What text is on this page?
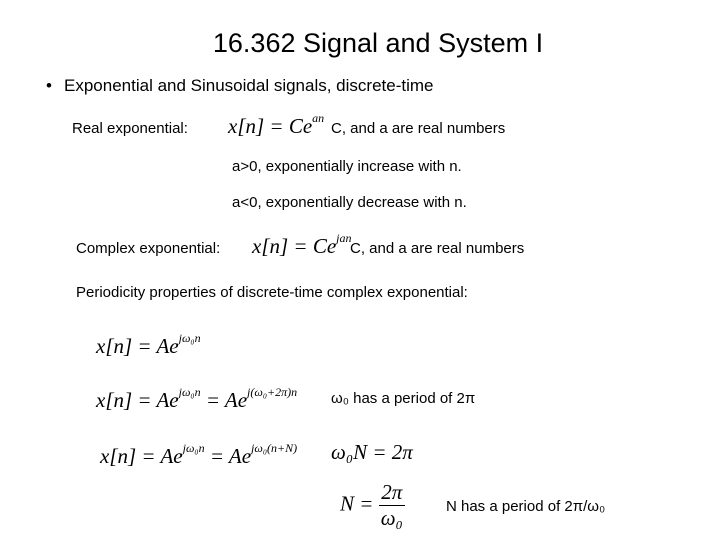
16.362 Signal and System I
• Exponential and Sinusoidal signals, discrete-time
Real exponential: $x[n] = Ce^{an}$
C, and a are real numbers
a>0, exponentially increase with n.
a<0, exponentially decrease with n.
Complex exponential: $x[n] = Ce^{jan}$
C, and a are real numbers
Periodicity properties of discrete-time complex exponential:
$x[n] = Ae^{j\omega_0n}$
$x[n] = Ae^{j\omega_0n} = Ae^{j(\omega_0+2\pi)n}$ ω₀ has a period of 2π
$x[n] = Ae^{j\omega_0n} = Ae^{j\omega_0(n+N)}$ ω₀N = 2π
$N = \frac{2\pi}{\text{ω₀}}$	N has a period of 2π/ω₀
